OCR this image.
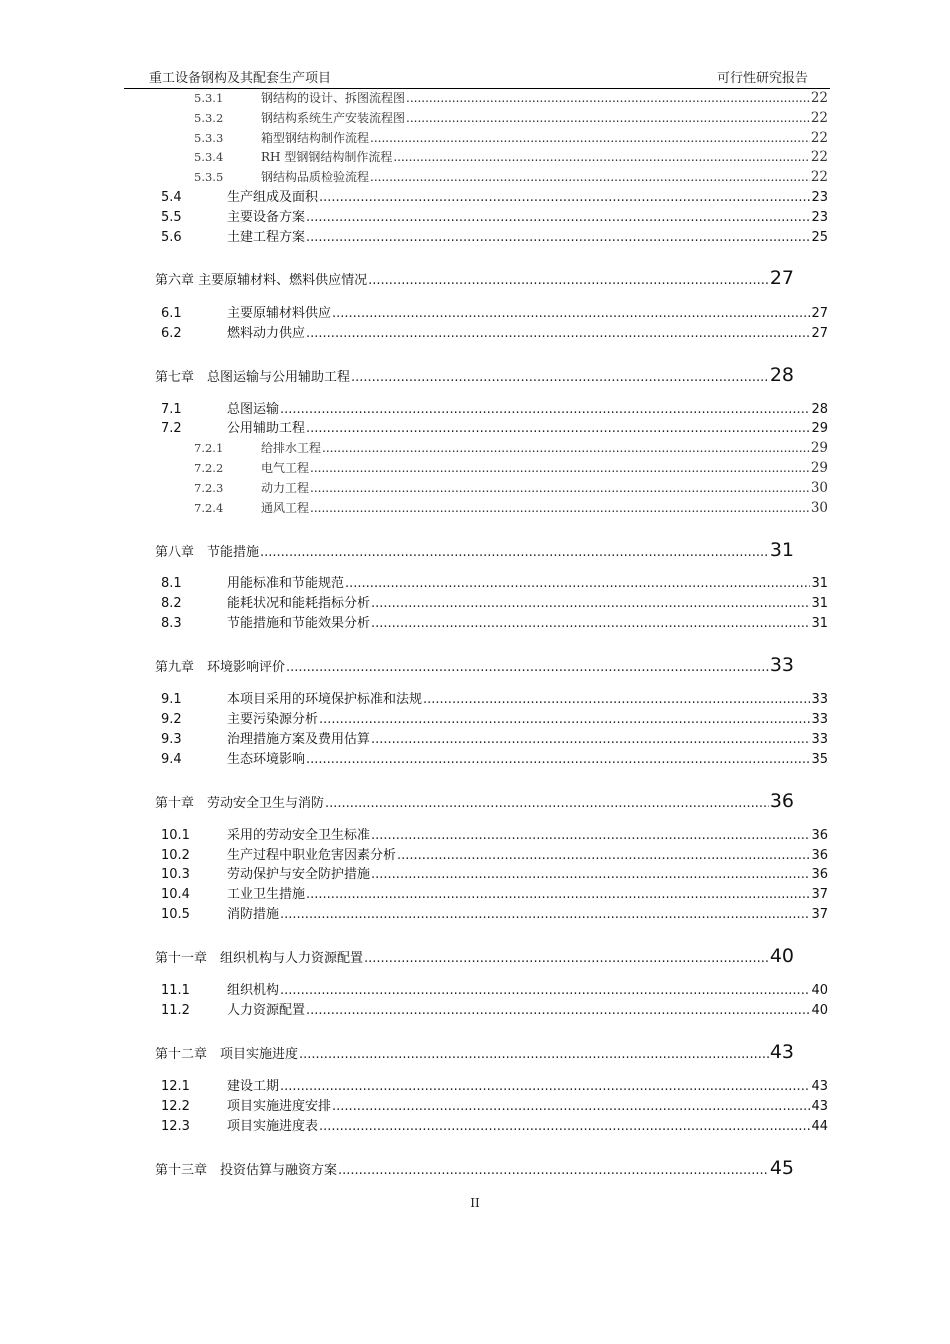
重工设备钢构及其配套生产项目	可行性研究报告
5.3.1	钢结构的设计、拆图流程图 .....	22
5.3.2	钢结构系统生产安装流程图 .....	22
5.3.3	箱型钢结构制作流程 .....	22
5.3.4	RH 型钢钢结构制作流程 .....	22
5.3.5	钢结构品质检验流程 .....	22
5.4	生产组成及面积 .....	23
5.5	主要设备方案 .....	23
5.6	土建工程方案 .....	25
第六章 主要原辅材料、燃料供应情况 .....	27
6.1	主要原辅材料供应 .....	27
6.2	燃料动力供应 .....	27
第七章　总图运输与公用辅助工程 .....	28
7.1	总图运输 .....	28
7.2	公用辅助工程 .....	29
7.2.1	给排水工程 .....	29
7.2.2	电气工程 .....	29
7.2.3	动力工程 .....	30
7.2.4	通风工程 .....	30
第八章　节能措施 .....	31
8.1	用能标准和节能规范 .....	31
8.2	能耗状况和能耗指标分析 .....	31
8.3	节能措施和节能效果分析 .....	31
第九章　环境影响评价 .....	33
9.1	本项目采用的环境保护标准和法规 .....	33
9.2	主要污染源分析 .....	33
9.3	治理措施方案及费用估算 .....	33
9.4	生态环境影响 .....	35
第十章　劳动安全卫生与消防 .....	36
10.1	采用的劳动安全卫生标准 .....	36
10.2	生产过程中职业危害因素分析 .....	36
10.3	劳动保护与安全防护措施 .....	36
10.4	工业卫生措施 .....	37
10.5	消防措施 .....	37
第十一章　组织机构与人力资源配置 .....	40
11.1	组织机构 .....	40
11.2	人力资源配置 .....	40
第十二章　项目实施进度 .....	43
12.1	建设工期 .....	43
12.2	项目实施进度安排 .....	43
12.3	项目实施进度表 .....	44
第十三章　投资估算与融资方案 .....	45
II
